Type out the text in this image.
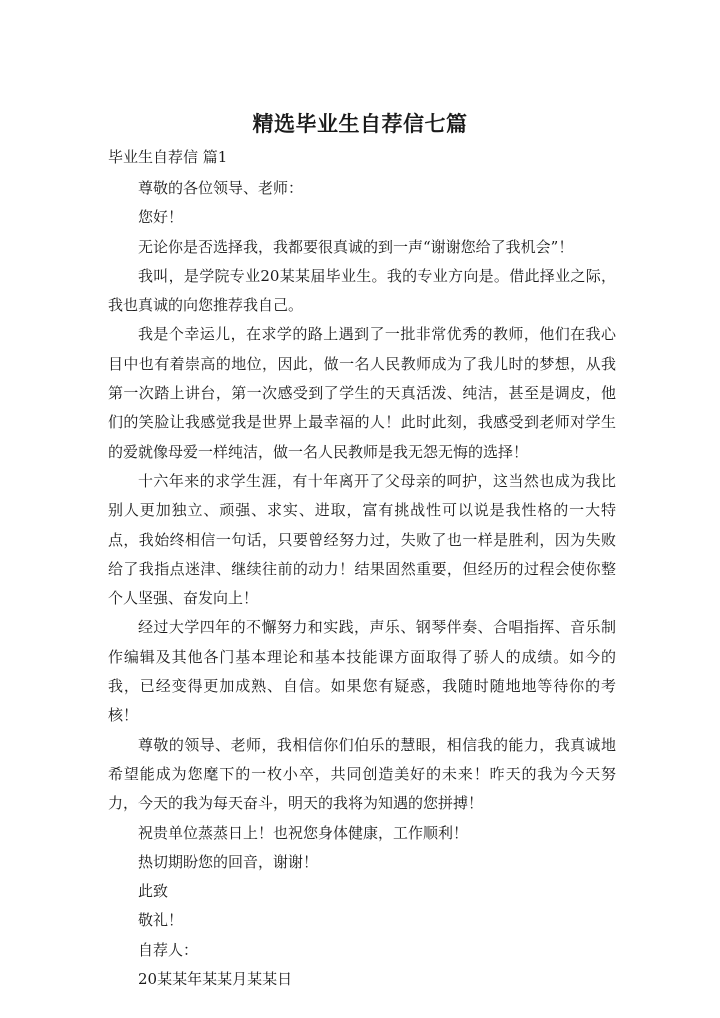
精选毕业生自荐信七篇

毕业生自荐信 篇1

尊敬的各位领导、老师：

您好！

无论你是否选择我，我都要很真诚的到一声“谢谢您给了我机会”！

我叫，是学院专业20某某届毕业生。我的专业方向是。借此择业之际，我也真诚的向您推荐我自己。

我是个幸运儿，在求学的路上遇到了一批非常优秀的教师，他们在我心目中也有着崇高的地位，因此，做一名人民教师成为了我儿时的梦想，从我第一次踏上讲台，第一次感受到了学生的天真活泼、纯洁，甚至是调皮，他们的笑脸让我感觉我是世界上最幸福的人！此时此刻，我感受到老师对学生的爱就像母爱一样纯洁，做一名人民教师是我无怨无悔的选择！

十六年来的求学生涯，有十年离开了父母亲的呵护，这当然也成为我比别人更加独立、顽强、求实、进取，富有挑战性可以说是我性格的一大特点，我始终相信一句话，只要曾经努力过，失败了也一样是胜利，因为失败给了我指点迷津、继续往前的动力！结果固然重要，但经历的过程会使你整个人坚强、奋发向上！

经过大学四年的不懈努力和实践，声乐、钢琴伴奏、合唱指挥、音乐制作编辑及其他各门基本理论和基本技能课方面取得了骄人的成绩。如今的我，已经变得更加成熟、自信。如果您有疑惑，我随时随地地等待你的考核！

尊敬的领导、老师，我相信你们伯乐的慧眼，相信我的能力，我真诚地希望能成为您麾下的一枚小卒，共同创造美好的未来！昨天的我为今天努力，今天的我为每天奋斗，明天的我将为知遇的您拼搏！

祝贵单位蒸蒸日上！也祝您身体健康，工作顺利！

热切期盼您的回音，谢谢！

此致

敬礼！

自荐人：

20某某年某某月某某日
